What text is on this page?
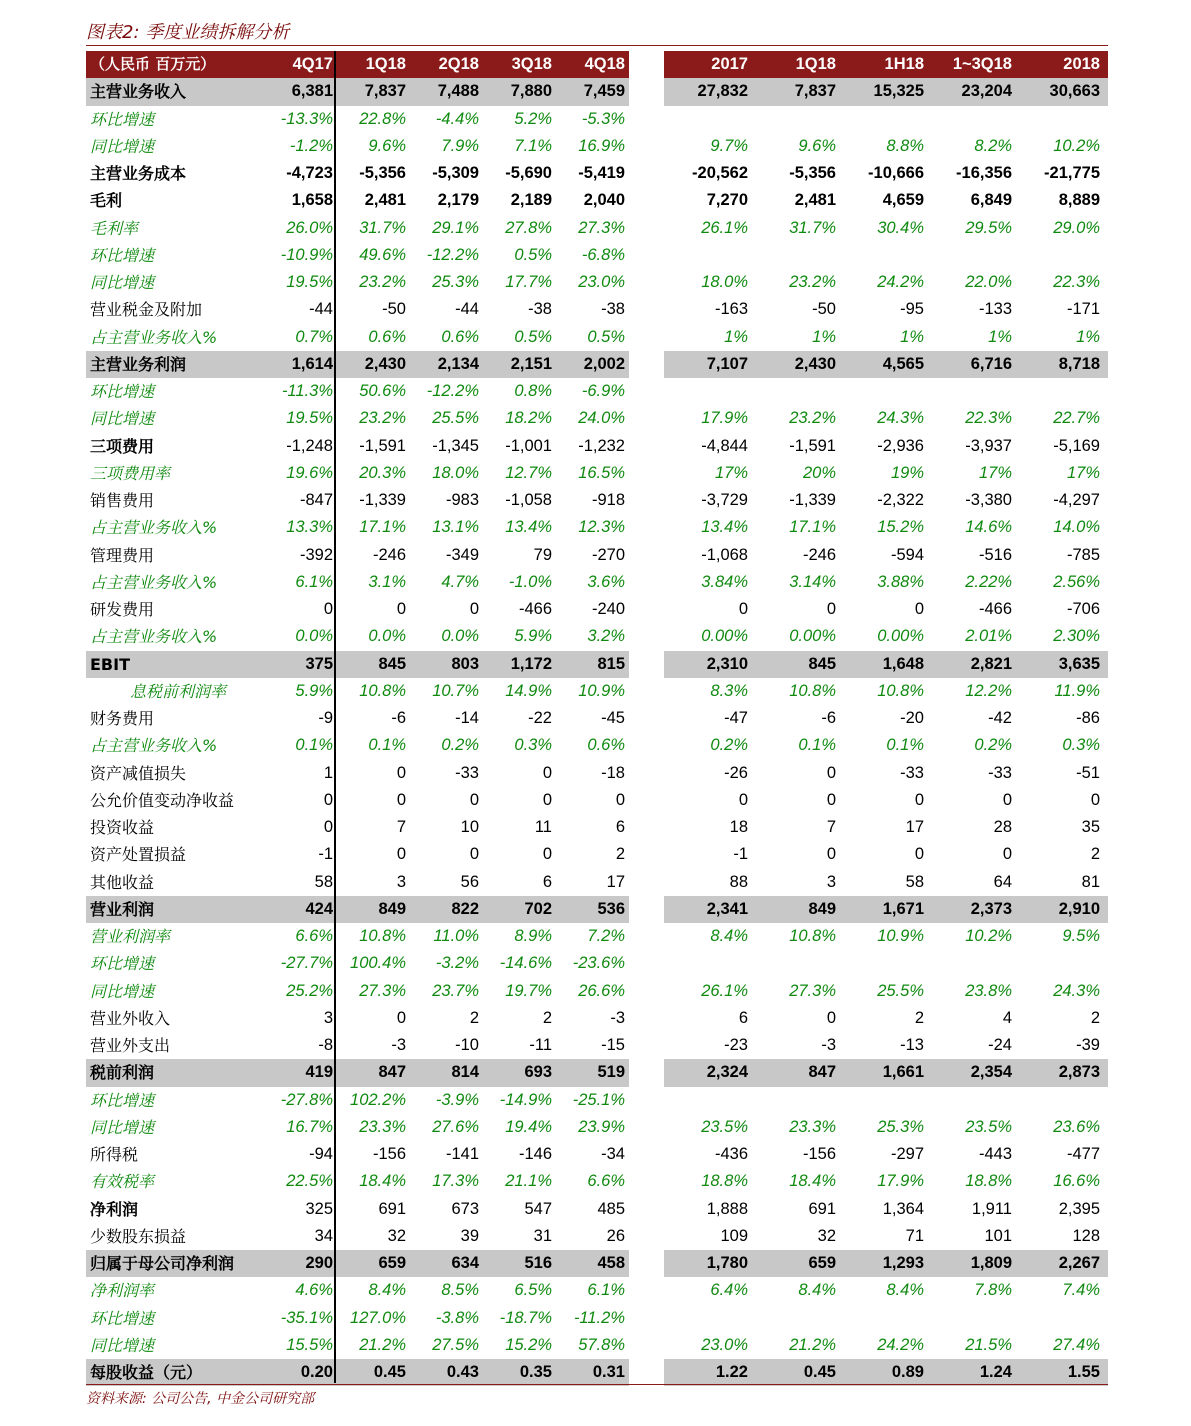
图表2: 季度业绩拆解分析
（人民币 百万元）	4Q17	1Q18	2Q18	3Q18	4Q18	2017	1Q18	1H18	1~3Q18	2018
主营业务收入	6,381	7,837	7,488	7,880	7,459	27,832	7,837	15,325	23,204	30,663
环比增速	-13.3%	22.8%	-4.4%	5.2%	-5.3%
同比增速	-1.2%	9.6%	7.9%	7.1%	16.9%	9.7%	9.6%	8.8%	8.2%	10.2%
主营业务成本	-4,723	-5,356	-5,309	-5,690	-5,419	-20,562	-5,356	-10,666	-16,356	-21,775
毛利	1,658	2,481	2,179	2,189	2,040	7,270	2,481	4,659	6,849	8,889
毛利率	26.0%	31.7%	29.1%	27.8%	27.3%	26.1%	31.7%	30.4%	29.5%	29.0%
环比增速	-10.9%	49.6%	-12.2%	0.5%	-6.8%
同比增速	19.5%	23.2%	25.3%	17.7%	23.0%	18.0%	23.2%	24.2%	22.0%	22.3%
营业税金及附加	-44	-50	-44	-38	-38	-163	-50	-95	-133	-171
占主营业务收入%	0.7%	0.6%	0.6%	0.5%	0.5%	1%	1%	1%	1%	1%
主营业务利润	1,614	2,430	2,134	2,151	2,002	7,107	2,430	4,565	6,716	8,718
环比增速	-11.3%	50.6%	-12.2%	0.8%	-6.9%
同比增速	19.5%	23.2%	25.5%	18.2%	24.0%	17.9%	23.2%	24.3%	22.3%	22.7%
三项费用	-1,248	-1,591	-1,345	-1,001	-1,232	-4,844	-1,591	-2,936	-3,937	-5,169
三项费用率	19.6%	20.3%	18.0%	12.7%	16.5%	17%	20%	19%	17%	17%
销售费用	-847	-1,339	-983	-1,058	-918	-3,729	-1,339	-2,322	-3,380	-4,297
占主营业务收入%	13.3%	17.1%	13.1%	13.4%	12.3%	13.4%	17.1%	15.2%	14.6%	14.0%
管理费用	-392	-246	-349	79	-270	-1,068	-246	-594	-516	-785
占主营业务收入%	6.1%	3.1%	4.7%	-1.0%	3.6%	3.84%	3.14%	3.88%	2.22%	2.56%
研发费用	0	0	0	-466	-240	0	0	0	-466	-706
占主营业务收入%	0.0%	0.0%	0.0%	5.9%	3.2%	0.00%	0.00%	0.00%	2.01%	2.30%
EBIT	375	845	803	1,172	815	2,310	845	1,648	2,821	3,635
息税前利润率	5.9%	10.8%	10.7%	14.9%	10.9%	8.3%	10.8%	10.8%	12.2%	11.9%
财务费用	-9	-6	-14	-22	-45	-47	-6	-20	-42	-86
占主营业务收入%	0.1%	0.1%	0.2%	0.3%	0.6%	0.2%	0.1%	0.1%	0.2%	0.3%
资产减值损失	1	0	-33	0	-18	-26	0	-33	-33	-51
公允价值变动净收益	0	0	0	0	0	0	0	0	0	0
投资收益	0	7	10	11	6	18	7	17	28	35
资产处置损益	-1	0	0	0	2	-1	0	0	0	2
其他收益	58	3	56	6	17	88	3	58	64	81
营业利润	424	849	822	702	536	2,341	849	1,671	2,373	2,910
营业利润率	6.6%	10.8%	11.0%	8.9%	7.2%	8.4%	10.8%	10.9%	10.2%	9.5%
环比增速	-27.7%	100.4%	-3.2%	-14.6%	-23.6%
同比增速	25.2%	27.3%	23.7%	19.7%	26.6%	26.1%	27.3%	25.5%	23.8%	24.3%
营业外收入	3	0	2	2	-3	6	0	2	4	2
营业外支出	-8	-3	-10	-11	-15	-23	-3	-13	-24	-39
税前利润	419	847	814	693	519	2,324	847	1,661	2,354	2,873
环比增速	-27.8%	102.2%	-3.9%	-14.9%	-25.1%
同比增速	16.7%	23.3%	27.6%	19.4%	23.9%	23.5%	23.3%	25.3%	23.5%	23.6%
所得税	-94	-156	-141	-146	-34	-436	-156	-297	-443	-477
有效税率	22.5%	18.4%	17.3%	21.1%	6.6%	18.8%	18.4%	17.9%	18.8%	16.6%
净利润	325	691	673	547	485	1,888	691	1,364	1,911	2,395
少数股东损益	34	32	39	31	26	109	32	71	101	128
归属于母公司净利润	290	659	634	516	458	1,780	659	1,293	1,809	2,267
净利润率	4.6%	8.4%	8.5%	6.5%	6.1%	6.4%	8.4%	8.4%	7.8%	7.4%
环比增速	-35.1%	127.0%	-3.8%	-18.7%	-11.2%
同比增速	15.5%	21.2%	27.5%	15.2%	57.8%	23.0%	21.2%	24.2%	21.5%	27.4%
每股收益（元）	0.20	0.45	0.43	0.35	0.31	1.22	0.45	0.89	1.24	1.55
资料来源: 公司公告, 中金公司研究部
